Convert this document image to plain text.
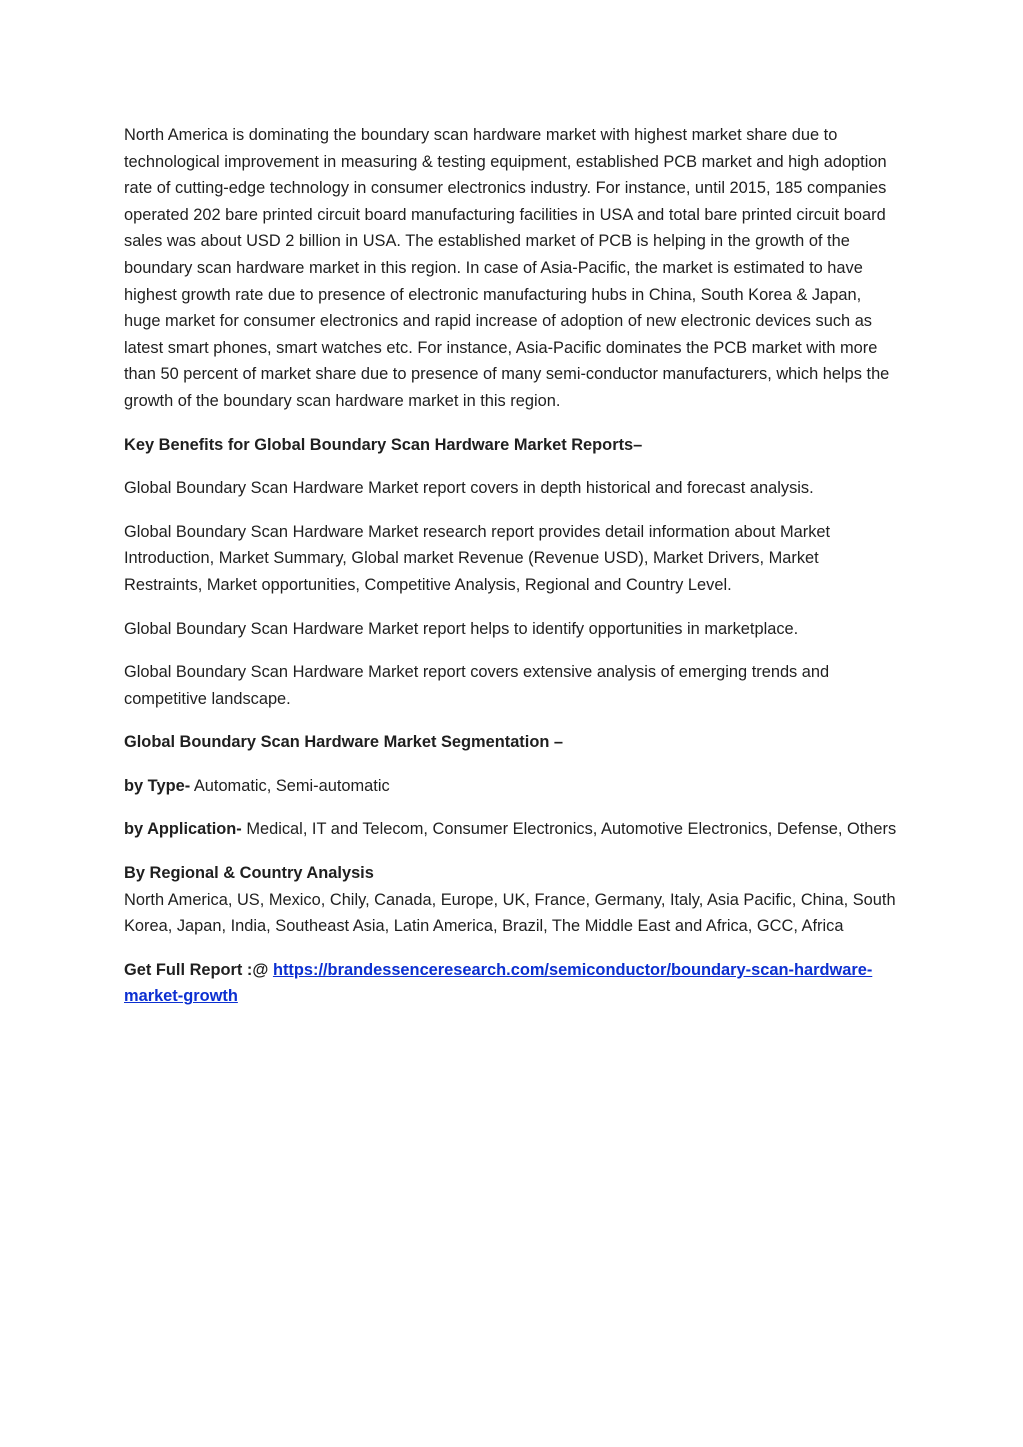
North America is dominating the boundary scan hardware market with highest market share due to technological improvement in measuring & testing equipment, established PCB market and high adoption rate of cutting-edge technology in consumer electronics industry. For instance, until 2015, 185 companies operated 202 bare printed circuit board manufacturing facilities in USA and total bare printed circuit board sales was about USD 2 billion in USA. The established market of PCB is helping in the growth of the boundary scan hardware market in this region. In case of Asia-Pacific, the market is estimated to have highest growth rate due to presence of electronic manufacturing hubs in China, South Korea & Japan, huge market for consumer electronics and rapid increase of adoption of new electronic devices such as latest smart phones, smart watches etc. For instance, Asia-Pacific dominates the PCB market with more than 50 percent of market share due to presence of many semi-conductor manufacturers, which helps the growth of the boundary scan hardware market in this region.

Key Benefits for Global Boundary Scan Hardware Market Reports–

Global Boundary Scan Hardware Market report covers in depth historical and forecast analysis.

Global Boundary Scan Hardware Market research report provides detail information about Market Introduction, Market Summary, Global market Revenue (Revenue USD), Market Drivers, Market Restraints, Market opportunities, Competitive Analysis, Regional and Country Level.

Global Boundary Scan Hardware Market report helps to identify opportunities in marketplace.

Global Boundary Scan Hardware Market report covers extensive analysis of emerging trends and competitive landscape.

Global Boundary Scan Hardware Market Segmentation –

by Type- Automatic, Semi-automatic

by Application- Medical, IT and Telecom, Consumer Electronics, Automotive Electronics, Defense, Others

By Regional & Country Analysis
North America, US, Mexico, Chily, Canada, Europe, UK, France, Germany, Italy, Asia Pacific, China, South Korea, Japan, India, Southeast Asia, Latin America, Brazil, The Middle East and Africa, GCC, Africa

Get Full Report :@ https://brandessenceresearch.com/semiconductor/boundary-scan-hardware-market-growth
